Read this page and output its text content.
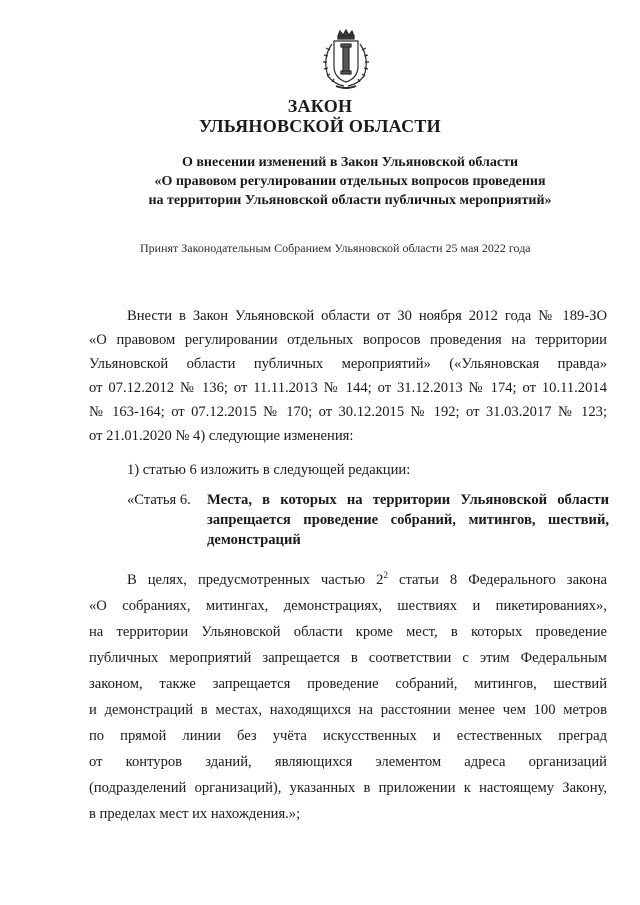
ЗАКОН
УЛЬЯНОВСКОЙ ОБЛАСТИ
О внесении изменений в Закон Ульяновской области
«О правовом регулировании отдельных вопросов проведения
на территории Ульяновской области публичных мероприятий»
Принят Законодательным Собранием Ульяновской области 25 мая 2022 года
Внести в Закон Ульяновской области от 30 ноября 2012 года № 189-ЗО
«О правовом регулировании отдельных вопросов проведения на территории
Ульяновской области публичных мероприятий» («Ульяновская правда»
от 07.12.2012 № 136; от 11.11.2013 № 144; от 31.12.2013 № 174; от 10.11.2014
№ 163-164; от 07.12.2015 № 170; от 30.12.2015 № 192; от 31.03.2017 № 123;
от 21.01.2020 № 4) следующие изменения:
1) статью 6 изложить в следующей редакции:
«Статья 6. Места, в которых на территории Ульяновской области
запрещается проведение собраний, митингов, шествий,
демонстраций
В целях, предусмотренных частью $2^2$ статьи 8 Федерального закона
«О собраниях, митингах, демонстрациях, шествиях и пикетированиях»,
на территории Ульяновской области кроме мест, в которых проведение
публичных мероприятий запрещается в соответствии с этим Федеральным
законом, также запрещается проведение собраний, митингов, шествий
и демонстраций в местах, находящихся на расстоянии менее чем 100 метров
по прямой линии без учёта искусственных и естественных преград
от контуров зданий, являющихся элементом адреса организаций
(подразделений организаций), указанных в приложении к настоящему Закону,
в пределах мест их нахождения.»;
